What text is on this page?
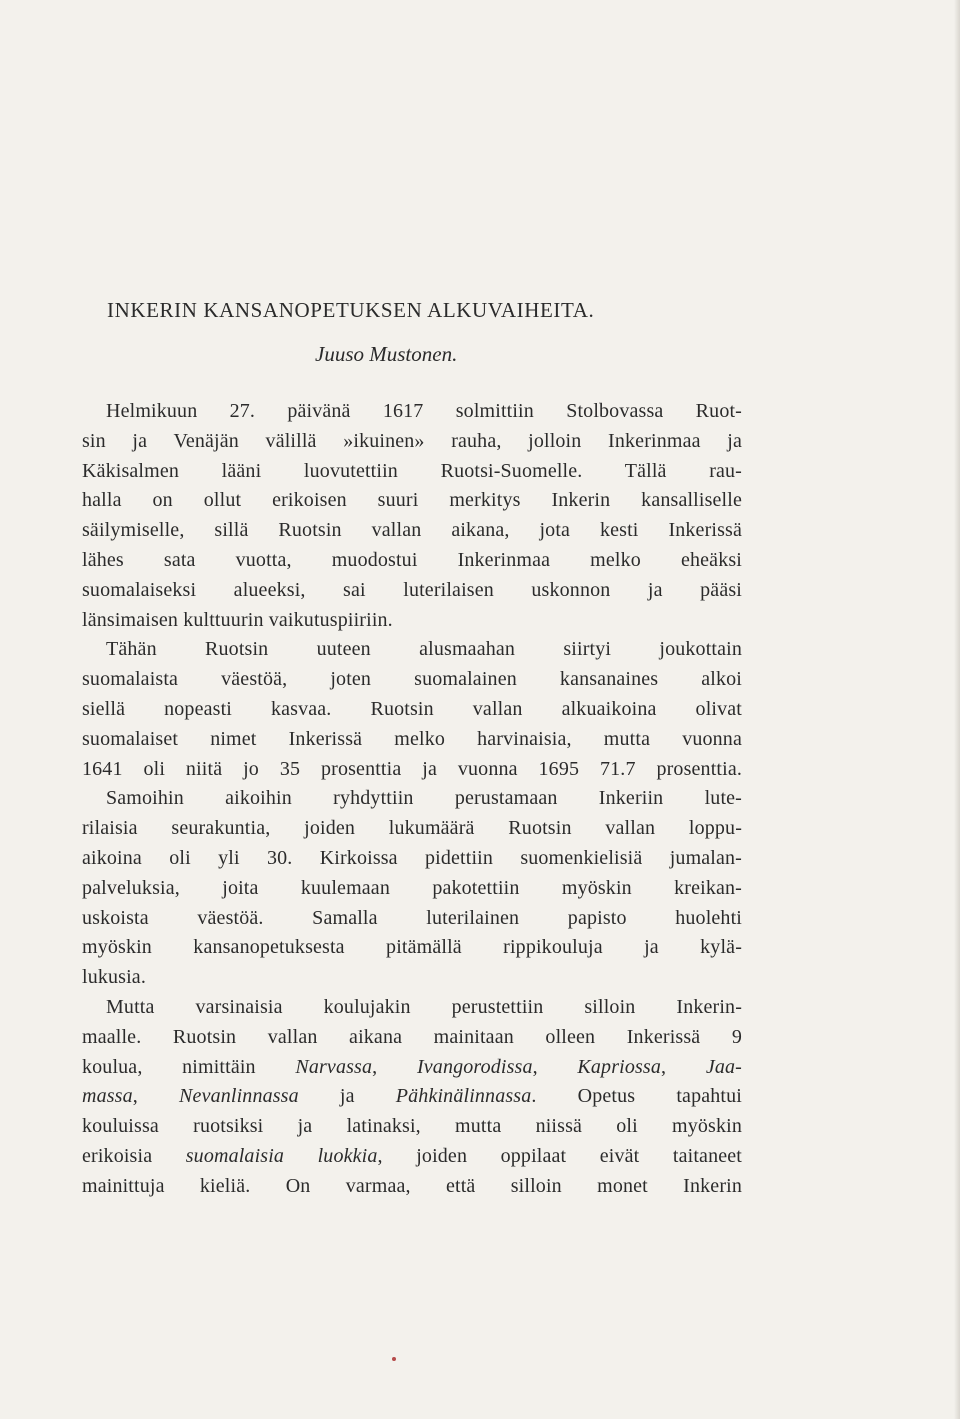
INKERIN KANSANOPETUKSEN ALKUVAIHEITA.

Juuso Mustonen.

Helmikuun 27. päivänä 1617 solmittiin Stolbovassa Ruot-
sin ja Venäjän välillä »ikuinen» rauha, jolloin Inkerinmaa ja
Käkisalmen lääni luovutettiin Ruotsi-Suomelle. Tällä rau-
halla on ollut erikoisen suuri merkitys Inkerin kansalliselle
säilymiselle, sillä Ruotsin vallan aikana, jota kesti Inkerissä
lähes sata vuotta, muodostui Inkerinmaa melko eheäksi
suomalaiseksi alueeksi, sai luterilaisen uskonnon ja pääsi
länsimaisen kulttuurin vaikutuspiiriin.
Tähän Ruotsin uuteen alusmaahan siirtyi joukottain
suomalaista väestöä, joten suomalainen kansanaines alkoi
siellä nopeasti kasvaa. Ruotsin vallan alkuaikoina olivat
suomalaiset nimet Inkerissä melko harvinaisia, mutta vuonna
1641 oli niitä jo 35 prosenttia ja vuonna 1695 71.7 prosenttia.
Samoihin aikoihin ryhdyttiin perustamaan Inkeriin lute-
rilaisia seurakuntia, joiden lukumäärä Ruotsin vallan loppu-
aikoina oli yli 30. Kirkoissa pidettiin suomenkielisiä jumalan-
palveluksia, joita kuulemaan pakotettiin myöskin kreikan-
uskoista väestöä. Samalla luterilainen papisto huolehti
myöskin kansanopetuksesta pitämällä rippikouluja ja kylä-
lukusia.
Mutta varsinaisia koulujakin perustettiin silloin Inkerin-
maalle. Ruotsin vallan aikana mainitaan olleen Inkerissä 9
koulua, nimittäin Narvassa, Ivangorodissa, Kapriossa, Jaa-
massa, Nevanlinnassa ja Pähkinälinnassa. Opetus tapahtui
kouluissa ruotsiksi ja latinaksi, mutta niissä oli myöskin
erikoisia suomalaisia luokkia, joiden oppilaat eivät taitaneet
mainittuja kieliä. On varmaa, että silloin monet Inkerin
